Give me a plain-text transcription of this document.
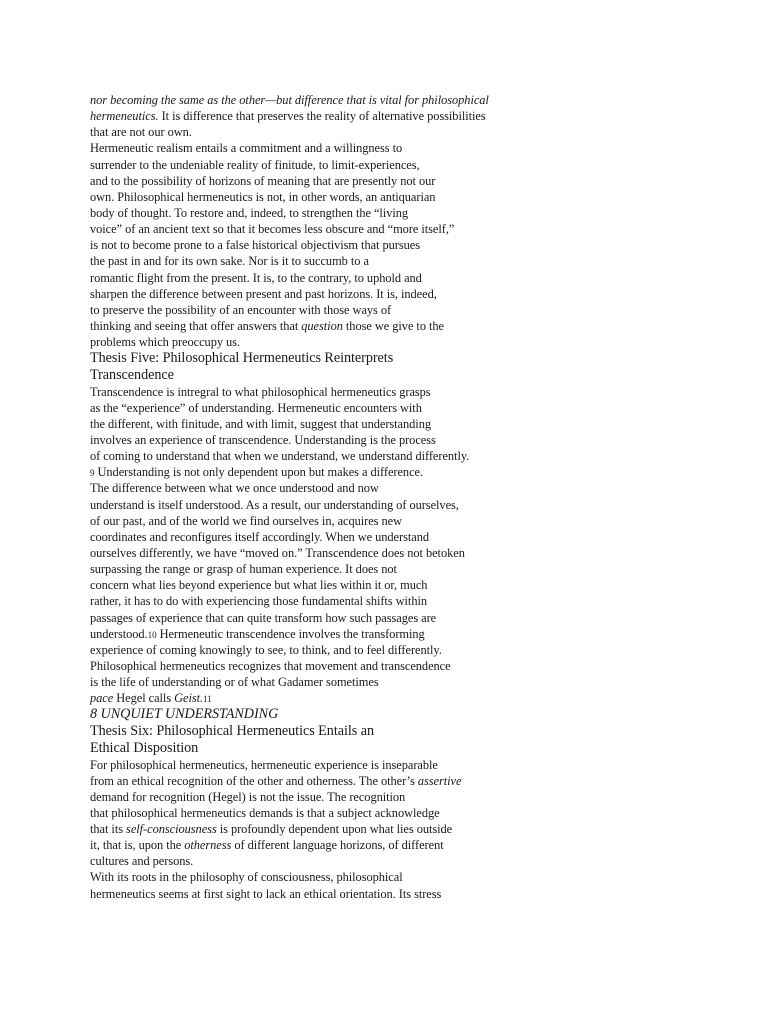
nor becoming the same as the other—but difference that is vital for philosophical
hermeneutics. It is difference that preserves the reality of alternative possibilities
that are not our own.
Hermeneutic realism entails a commitment and a willingness to
surrender to the undeniable reality of finitude, to limit-experiences,
and to the possibility of horizons of meaning that are presently not our
own. Philosophical hermeneutics is not, in other words, an antiquarian
body of thought. To restore and, indeed, to strengthen the “living
voice” of an ancient text so that it becomes less obscure and “more itself,”
is not to become prone to a false historical objectivism that pursues
the past in and for its own sake. Nor is it to succumb to a
romantic flight from the present. It is, to the contrary, to uphold and
sharpen the difference between present and past horizons. It is, indeed,
to preserve the possibility of an encounter with those ways of
thinking and seeing that offer answers that question those we give to the
problems which preoccupy us.
Thesis Five: Philosophical Hermeneutics Reinterprets
Transcendence
Transcendence is intregral to what philosophical hermeneutics grasps
as the “experience” of understanding. Hermeneutic encounters with
the different, with finitude, and with limit, suggest that understanding
involves an experience of transcendence. Understanding is the process
of coming to understand that when we understand, we understand differently.
9 Understanding is not only dependent upon but makes a difference.
The difference between what we once understood and now
understand is itself understood. As a result, our understanding of ourselves,
of our past, and of the world we find ourselves in, acquires new
coordinates and reconfigures itself accordingly. When we understand
ourselves differently, we have “moved on.” Transcendence does not betoken
surpassing the range or grasp of human experience. It does not
concern what lies beyond experience but what lies within it or, much
rather, it has to do with experiencing those fundamental shifts within
passages of experience that can quite transform how such passages are
understood.10 Hermeneutic transcendence involves the transforming
experience of coming knowingly to see, to think, and to feel differently.
Philosophical hermeneutics recognizes that movement and transcendence
is the life of understanding or of what Gadamer sometimes
pace Hegel calls Geist.11
8 UNQUIET UNDERSTANDING
Thesis Six: Philosophical Hermeneutics Entails an
Ethical Disposition
For philosophical hermeneutics, hermeneutic experience is inseparable
from an ethical recognition of the other and otherness. The other’s assertive
demand for recognition (Hegel) is not the issue. The recognition
that philosophical hermeneutics demands is that a subject acknowledge
that its self-consciousness is profoundly dependent upon what lies outside
it, that is, upon the otherness of different language horizons, of different
cultures and persons.
With its roots in the philosophy of consciousness, philosophical
hermeneutics seems at first sight to lack an ethical orientation. Its stress
